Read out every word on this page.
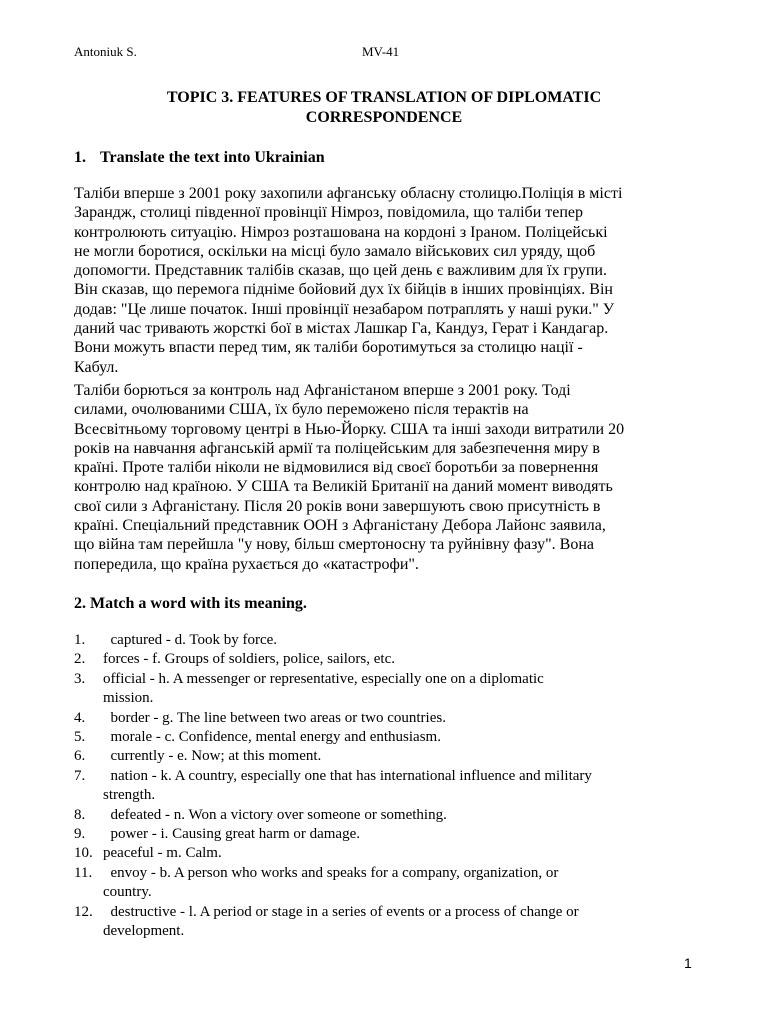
Antoniuk S.	MV-41
TOPIC 3. FEATURES OF TRANSLATION OF DIPLOMATIC
CORRESPONDENCE
1. Translate the text into Ukrainian
Таліби вперше з 2001 року захопили афганську обласну столицю.Поліція в місті
Зарандж, столиці південної провінції Німроз, повідомила, що таліби тепер
контролюють ситуацію. Німроз розташована на кордоні з Іраном. Поліцейські
не могли боротися, оскільки на місці було замало військових сил уряду, щоб
допомогти. Представник талібів сказав, що цей день є важливим для їх групи.
Він сказав, що перемога підніме бойовий дух їх бійців в інших провінціях. Він
додав: "Це лише початок. Інші провінції незабаром потраплять у наші руки." У
даний час тривають жорсткі бої в містах Лашкар Га, Кандуз, Герат і Кандагар.
Вони можуть впасти перед тим, як таліби боротимуться за столицю нації -
Кабул.
Таліби борються за контроль над Афганістаном вперше з 2001 року. Тоді
силами, очолюваними США, їх було переможено після терактів на
Всесвітньому торговому центрі в Нью-Йорку. США та інші заходи витратили 20
років на навчання афганській армії та поліцейським для забезпечення миру в
країні. Проте таліби ніколи не відмовилися від своєї боротьби за повернення
контролю над країною. У США та Великій Британії на даний момент виводять
свої сили з Афганістану. Після 20 років вони завершують свою присутність в
країні. Спеціальний представник ООН з Афганістану Дебора Лайонс заявила,
що війна там перейшла "у нову, більш смертоносну та руйнівну фазу". Вона
попередила, що країна рухається до «катастрофи".
2. Match a word with its meaning.
1.	captured - d. Took by force.
2.	forces - f. Groups of soldiers, police, sailors, etc.
3.	official - h. A messenger or representative, especially one on a diplomatic
mission.
4.	border - g. The line between two areas or two countries.
5.	morale - c. Confidence, mental energy and enthusiasm.
6.	currently - e. Now; at this moment.
7.	nation - k. A country, especially one that has international influence and military
strength.
8.	defeated - n. Won a victory over someone or something.
9.	power - i. Causing great harm or damage.
10. peaceful - m. Calm.
11. envoy - b. A person who works and speaks for a company, organization, or
country.
12. destructive - l. A period or stage in a series of events or a process of change or
development.
1
